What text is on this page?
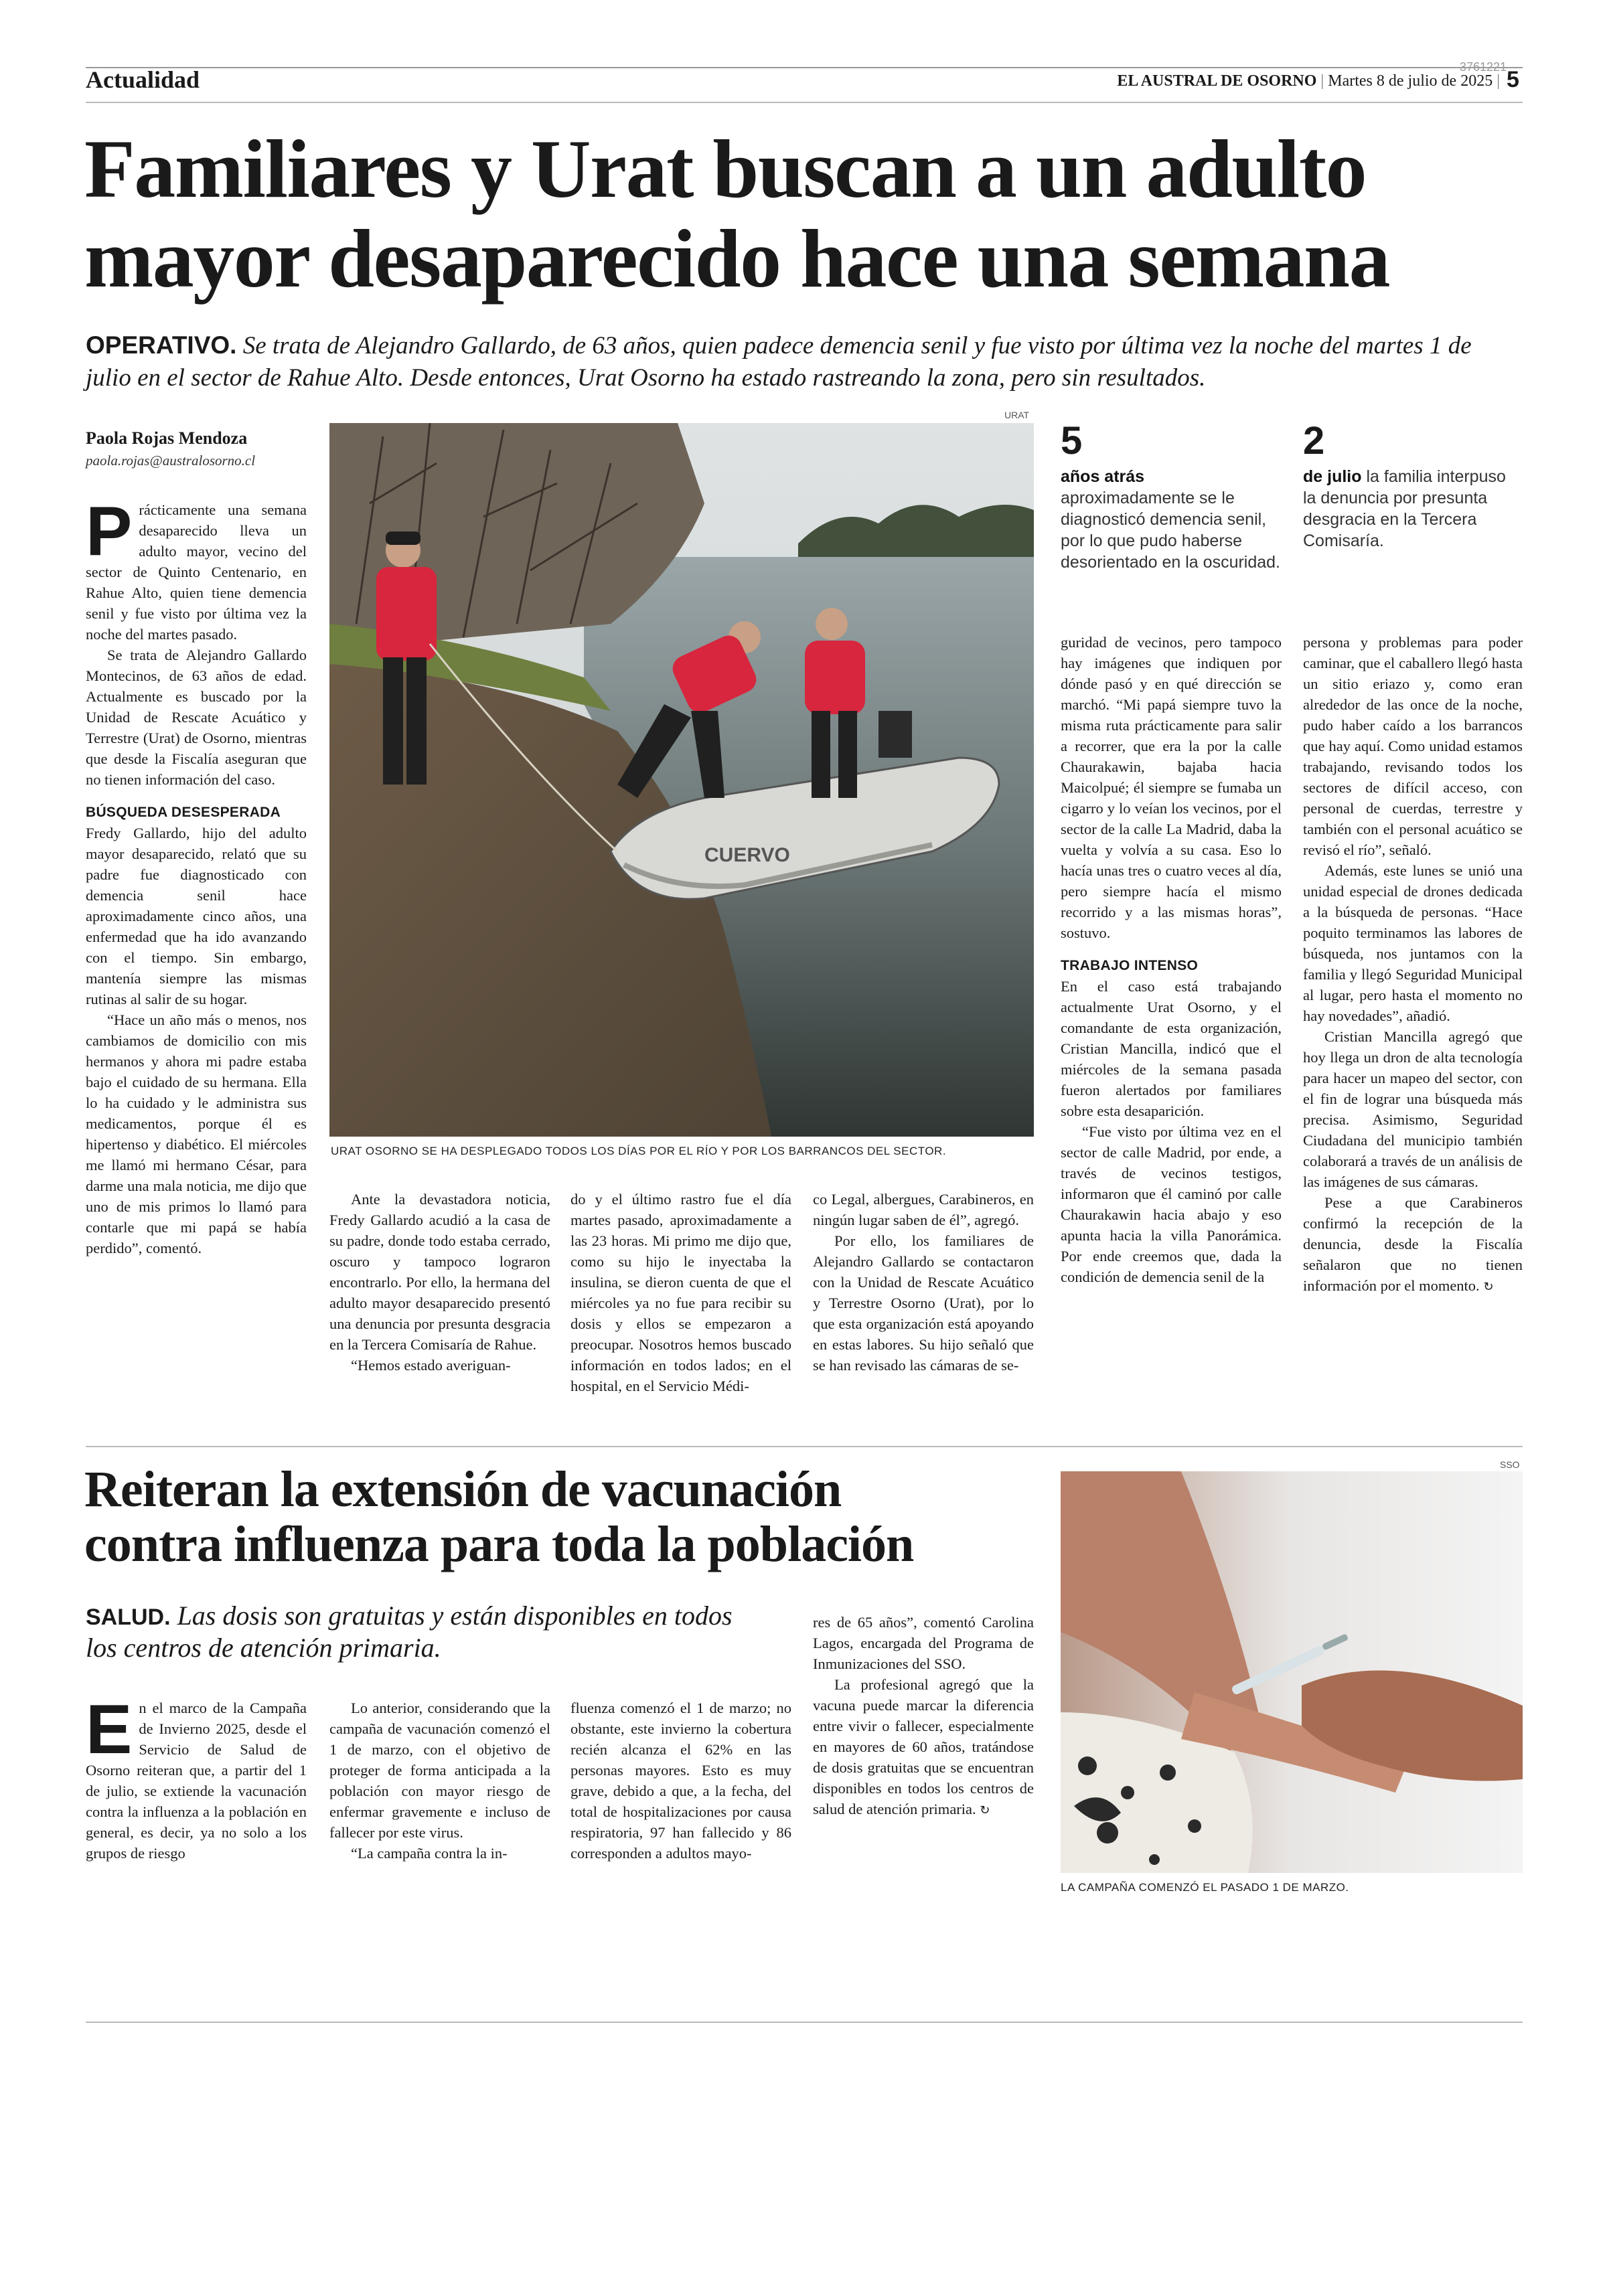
Actualidad	3761221
EL AUSTRAL DE OSORNO | Martes 8 de julio de 2025 | 5
Familiares y Urat buscan a un adulto
mayor desaparecido hace una semana
OPERATIVO. Se trata de Alejandro Gallardo, de 63 años, quien padece demencia senil y fue visto por última vez la noche del martes 1 de julio en el sector de Rahue Alto. Desde entonces, Urat Osorno ha estado rastreando la zona, pero sin resultados.
Paola Rojas Mendoza
paola.rojas@australosorno.cl
URAT
CUERVO
URAT OSORNO SE HA DESPLEGADO TODOS LOS DÍAS POR EL RÍO Y POR LOS BARRANCOS DEL SECTOR.
5
años atrás aproximadamente se le diagnosticó demencia senil, por lo que pudo haberse desorientado en la oscuridad.
2
de julio la familia interpuso la denuncia por presunta desgracia en la Tercera Comisaría.
P rácticamente una semana desaparecido lleva un adulto mayor, vecino del sector de Quinto Centenario, en Rahue Alto, quien tiene demencia senil y fue visto por última vez la noche del martes pasado.

Se trata de Alejandro Gallardo Montecinos, de 63 años de edad. Actualmente es buscado por la Unidad de Rescate Acuático y Terrestre (Urat) de Osorno, mientras que desde la Fiscalía aseguran que no tienen información del caso.

BÚSQUEDA DESESPERADA

Fredy Gallardo, hijo del adulto mayor desaparecido, relató que su padre fue diagnosticado con demencia senil hace aproximadamente cinco años, una enfermedad que ha ido avanzando con el tiempo. Sin embargo, mantenía siempre las mismas rutinas al salir de su hogar.

“Hace un año más o menos, nos cambiamos de domicilio con mis hermanos y ahora mi padre estaba bajo el cuidado de su hermana. Ella lo ha cuidado y le administra sus medicamentos, porque él es hipertenso y diabético. El miércoles me llamó mi hermano César, para darme una mala noticia, me dijo que uno de mis primos lo llamó para contarle que mi papá se había perdido”, comentó.

Ante la devastadora noticia, Fredy Gallardo acudió a la casa de su padre, donde todo estaba cerrado, oscuro y tampoco lograron encontrarlo. Por ello, la hermana del adulto mayor desaparecido presentó una denuncia por presunta desgracia en la Tercera Comisaría de Rahue.

“Hemos estado averiguan-

do y el último rastro fue el día martes pasado, aproximadamente a las 23 horas. Mi primo me dijo que, como su hijo le inyectaba la insulina, se dieron cuenta de que el miércoles ya no fue para recibir su dosis y ellos se empezaron a preocupar. Nosotros hemos buscado información en todos lados; en el hospital, en el Servicio Médi-

co Legal, albergues, Carabineros, en ningún lugar saben de él”, agregó.

Por ello, los familiares de Alejandro Gallardo se contactaron con la Unidad de Rescate Acuático y Terrestre Osorno (Urat), por lo que esta organización está apoyando en estas labores. Su hijo señaló que se han revisado las cámaras de se-

guridad de vecinos, pero tampoco hay imágenes que indiquen por dónde pasó y en qué dirección se marchó. “Mi papá siempre tuvo la misma ruta prácticamente para salir a recorrer, que era la por la calle Chaurakawin, bajaba hacia Maicolpué; él siempre se fumaba un cigarro y lo veían los vecinos, por el sector de la calle La Madrid, daba la vuelta y volvía a su casa. Eso lo hacía unas tres o cuatro veces al día, pero siempre hacía el mismo recorrido y a las mismas horas”, sostuvo.

TRABAJO INTENSO

En el caso está trabajando actualmente Urat Osorno, y el comandante de esta organización, Cristian Mancilla, indicó que el miércoles de la semana pasada fueron alertados por familiares sobre esta desaparición.

“Fue visto por última vez en el sector de calle Madrid, por ende, a través de vecinos testigos, informaron que él caminó por calle Chaurakawin hacia abajo y eso apunta hacia la villa Panorámica. Por ende creemos que, dada la condición de demencia senil de la

persona y problemas para poder caminar, que el caballero llegó hasta un sitio eriazo y, como eran alrededor de las once de la noche, pudo haber caído a los barrancos que hay aquí. Como unidad estamos trabajando, revisando todos los sectores de difícil acceso, con personal de cuerdas, terrestre y también con el personal acuático se revisó el río”, señaló.

Además, este lunes se unió una unidad especial de drones dedicada a la búsqueda de personas. “Hace poquito terminamos las labores de búsqueda, nos juntamos con la familia y llegó Seguridad Municipal al lugar, pero hasta el momento no hay novedades”, añadió.

Cristian Mancilla agregó que hoy llega un dron de alta tecnología para hacer un mapeo del sector, con el fin de lograr una búsqueda más precisa. Asimismo, Seguridad Ciudadana del municipio también colaborará a través de un análisis de las imágenes de sus cámaras.

Pese a que Carabineros confirmó la recepción de la denuncia, desde la Fiscalía señalaron que no tienen información por el momento. ↻

Reiteran la extensión de vacunación
contra influenza para toda la población
SALUD. Las dosis son gratuitas y están disponibles en todos los centros de atención primaria.
E n el marco de la Campaña de Invierno 2025, desde el Servicio de Salud de Osorno reiteran que, a partir del 1 de julio, se extiende la vacunación contra la influenza a la población en general, es decir, ya no solo a los grupos de riesgo

Lo anterior, considerando que la campaña de vacunación comenzó el 1 de marzo, con el objetivo de proteger de forma anticipada a la población con mayor riesgo de enfermar gravemente e incluso de fallecer por este virus.

“La campaña contra la in-

fluenza comenzó el 1 de marzo; no obstante, este invierno la cobertura recién alcanza el 62% en las personas mayores. Esto es muy grave, debido a que, a la fecha, del total de hospitalizaciones por causa respiratoria, 97 han fallecido y 86 corresponden a adultos mayo-

res de 65 años”, comentó Carolina Lagos, encargada del Programa de Inmunizaciones del SSO.

La profesional agregó que la vacuna puede marcar la diferencia entre vivir o fallecer, especialmente en mayores de 60 años, tratándose de dosis gratuitas que se encuentran disponibles en todos los centros de salud de atención primaria. ↻

SSO
LA CAMPAÑA COMENZÓ EL PASADO 1 DE MARZO.
